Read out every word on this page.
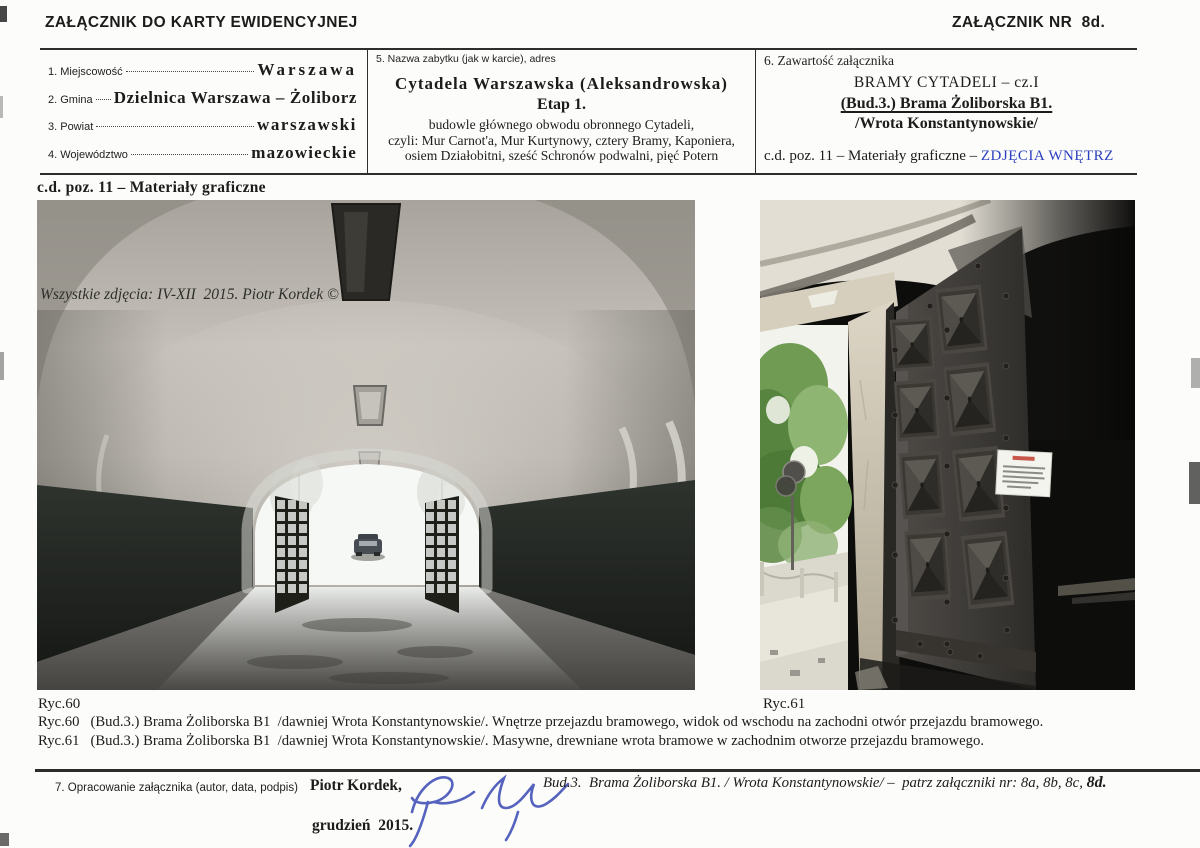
ZAŁĄCZNIK DO KARTY EWIDENCYJNEJ	ZAŁĄCZNIK NR  8d.
1. Miejscowość	Warszawa
2. Gmina Dzielnica Warszawa – Żoliborz
3. Powiat	warszawski
4. Województwo	mazowieckie
5. Nazwa zabytku (jak w karcie), adres
Cytadela Warszawska (Aleksandrowska)
Etap 1.
budowle głównego obwodu obronnego Cytadeli,
czyli: Mur Carnot'a, Mur Kurtynowy, cztery Bramy, Kaponiera,
osiem Działobitni, sześć Schronów podwalni, pięć Potern
6. Zawartość załącznika
BRAMY CYTADELI – cz.I
(Bud.3.) Brama Żoliborska B1.
/Wrota Konstantynowskie/
c.d. poz. 11 – Materiały graficzne – ZDJĘCIA WNĘTRZ
c.d. poz. 11 – Materiały graficzne
Wszystkie zdjęcia: IV-XII  2015. Piotr Kordek ©
Ryc.60	Ryc.61
Ryc.60   (Bud.3.) Brama Żoliborska B1  /dawniej Wrota Konstantynowskie/. Wnętrze przejazdu bramowego, widok od wschodu na zachodni otwór przejazdu bramowego.
Ryc.61   (Bud.3.) Brama Żoliborska B1  /dawniej Wrota Konstantynowskie/. Masywne, drewniane wrota bramowe w zachodnim otworze przejazdu bramowego.
7. Opracowanie załącznika (autor, data, podpis) Piotr Kordek,
grudzień  2015.
Bud.3.  Brama Żoliborska B1. / Wrota Konstantynowskie/ –  patrz załączniki nr: 8a, 8b, 8c, 8d.
